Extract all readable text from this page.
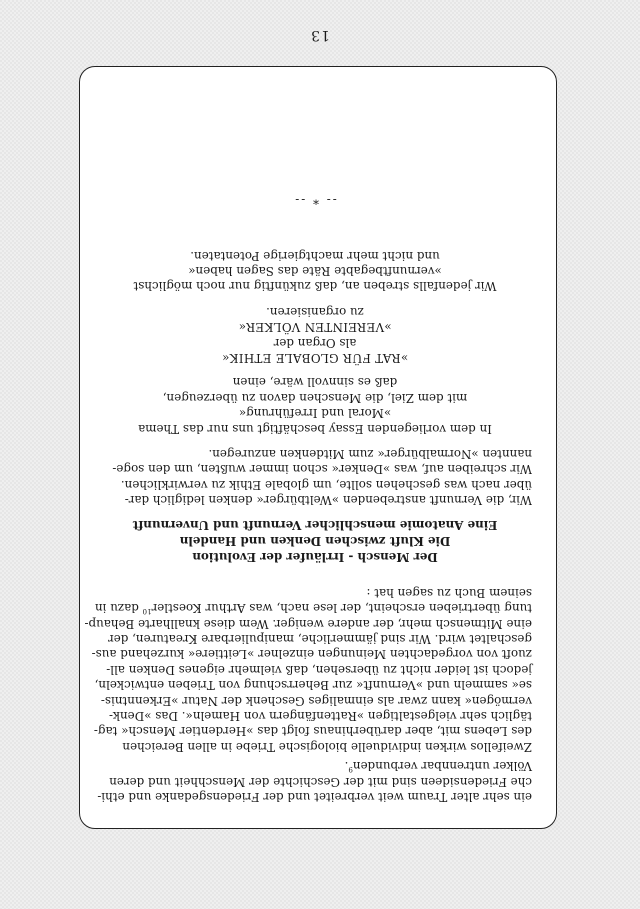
13

ein sehr alter Traum weit verbreitet und der Friedensgedanke und ethi-
che Friedensideen sind mit der Geschichte der Menschheit und deren
Völker untrennbar verbunden$^9$.

Zweifellos wirken individuelle biologische Triebe in allen Bereichen
des Lebens mit, aber darüberhinaus folgt das »Herdentier Mensch« tag-
täglich sehr vielgestaltigen »Rattenfängern von Hameln«. Das »Denk-
vermögen« kann zwar als einmaliges Geschenk der Natur »Erkenntnis-
se« sammeln und »Vernunft« zur Beherrschung von Trieben entwickeln,
jedoch ist leider nicht zu übersehen, daß vielmehr eigenes Denken all-
zuoft von vorgedachten Meinungen einzelner »Leittiere« kurzehand aus-
geschaltet wird. Wir sind jämmerliche, manipulierbare Kreaturen, der
eine Mitmensch mehr, der andere weniger. Wem diese knallharte Behaup-
tung übertrieben erscheint, der lese nach, was Arthur Koestler$^{10}$ dazu in
seinem Buch zu sagen hat :

Der Mensch - Irrläufer der Evolution
Die Kluft zwischen Denken und Handeln
Eine Anatomie menschlicher Vernunft und Unvernunft

Wir, die Vernunft anstrebenden »Weltbürger« denken lediglich dar-
über nach was geschehen sollte, um globale Ethik zu verwirklichen.
Wir schreiben auf, was »Denker« schon immer wußten, um den soge-
nannten »Normalbürger« zum Mitdenken anzuregen.

In dem vorliegenden Essay beschäftigt uns nur das Thema
»Moral und Irreführung«
mit dem Ziel, die Menschen davon zu überzeugen,
daß es sinnvoll wäre, einen
»RAT FÜR GLOBALE ETHIK«
als Organ der
»VEREINTEN VÖLKER«
zu organisieren.
Wir jedenfalls streben an, daß zukünftig nur noch möglichst
»vernunftbegabte Räte das Sagen haben«
und nicht mehr machtgierige Potentaten.
-- * --
